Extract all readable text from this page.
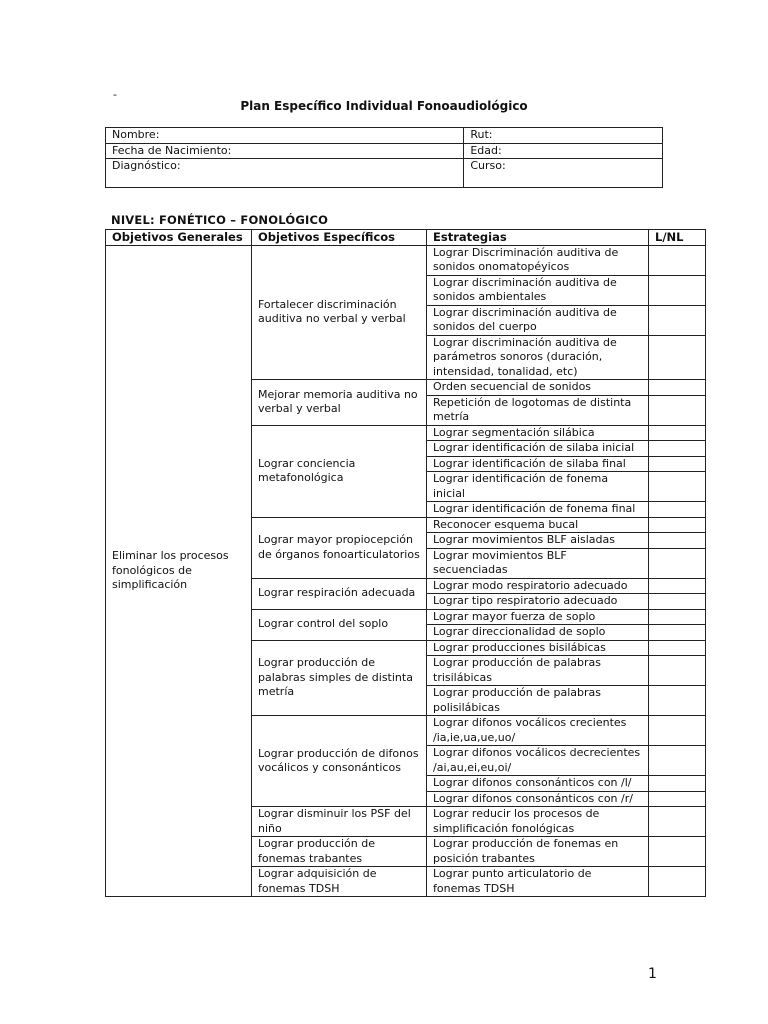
-
Plan Específico Individual Fonoaudiológico
Nombre:	Rut:
Fecha de Nacimiento:	Edad:
Diagnóstico:	Curso:
NIVEL: FONÉTICO – FONOLÓGICO
Objetivos Generales	Objetivos Específicos	Estrategias	L/NL
Eliminar los procesos fonológicos de simplificación	Fortalecer discriminación auditiva no verbal y verbal	Lograr Discriminación auditiva de sonidos onomatopéyicos	
		Lograr discriminación auditiva de sonidos ambientales	
		Lograr discriminación auditiva de sonidos del cuerpo	
		Lograr discriminación auditiva de parámetros sonoros (duración, intensidad, tonalidad, etc)	
	Mejorar memoria auditiva no verbal y verbal	Orden secuencial de sonidos	
		Repetición de logotomas de distinta metría	
	Lograr conciencia metafonológica	Lograr segmentación silábica	
		Lograr identificación de silaba inicial	
		Lograr identificación de silaba final	
		Lograr identificación de fonema inicial	
		Lograr identificación de fonema final	
	Lograr mayor propiocepción de órganos fonoarticulatorios	Reconocer esquema bucal	
		Lograr movimientos BLF aisladas	
		Lograr movimientos BLF secuenciadas	
	Lograr respiración adecuada	Lograr modo respiratorio adecuado	
		Lograr tipo respiratorio adecuado	
	Lograr control del soplo	Lograr mayor fuerza de soplo	
		Lograr direccionalidad de soplo	
	Lograr producción de palabras simples de distinta metría	Lograr producciones bisilábicas	
		Lograr producción de palabras trisilábicas	
		Lograr producción de palabras polisilábicas	
	Lograr producción de difonos vocálicos y consonánticos	Lograr difonos vocálicos crecientes /ia,ie,ua,ue,uo/	
		Lograr difonos vocálicos decrecientes /ai,au,ei,eu,oi/	
		Lograr difonos consonánticos con /l/	
		Lograr difonos consonánticos con /r/	
	Lograr disminuir los PSF del niño	Lograr reducir los procesos de simplificación fonológicas	
	Lograr producción de fonemas trabantes	Lograr producción de fonemas en posición trabantes	
	Lograr adquisición de fonemas TDSH	Lograr punto articulatorio de fonemas TDSH	
1
